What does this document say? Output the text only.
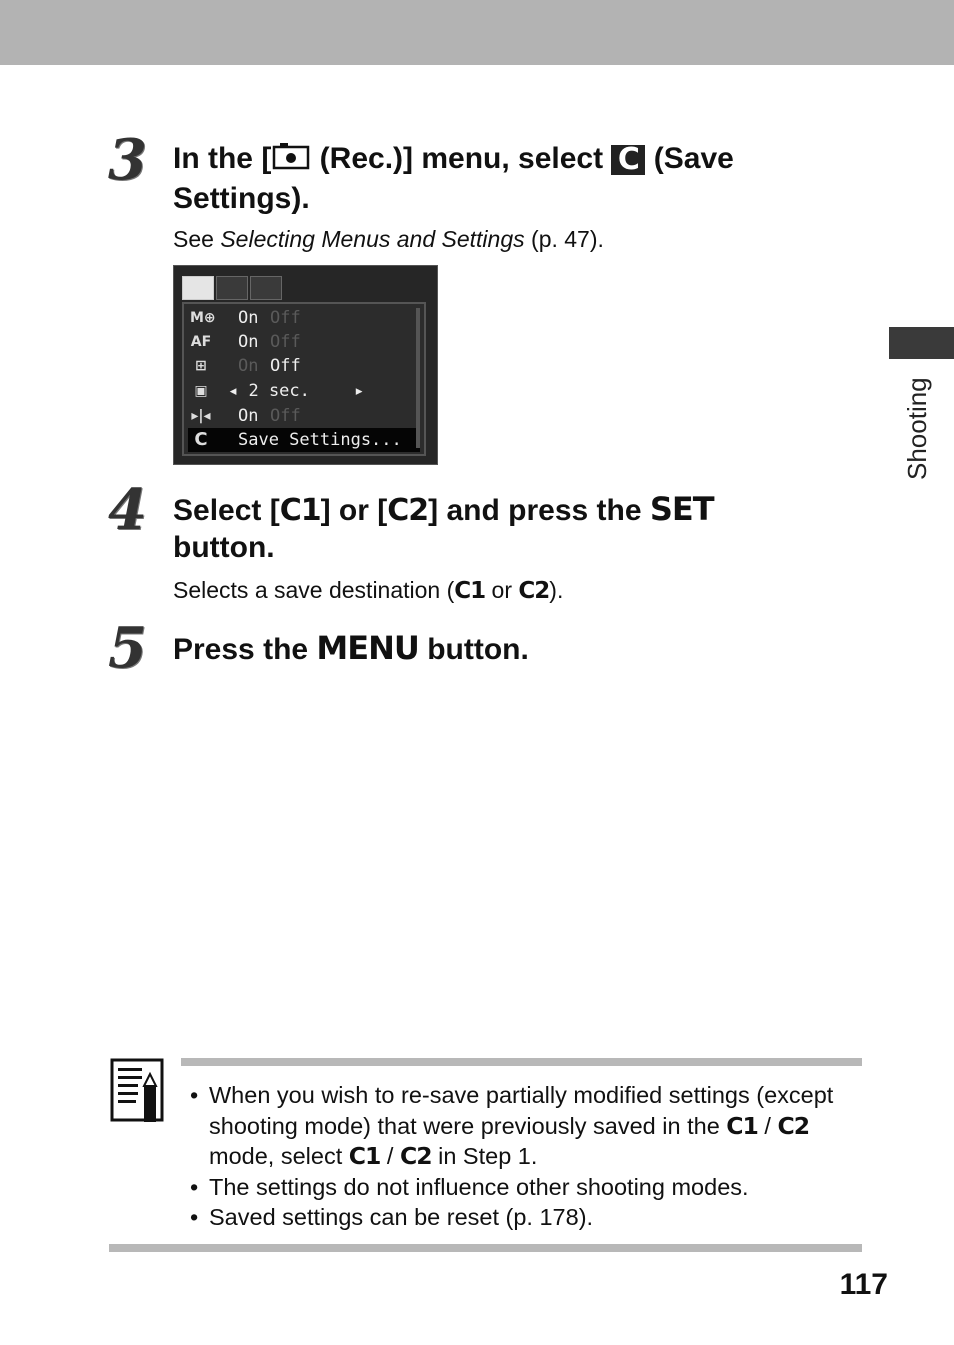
3 In the [ (Rec.)] menu, select C (Save
Settings).
See Selecting Menus and Settings (p. 47).
M⊕ On Off
AF On Off
⊞	On Off
▣ ◂ 2 sec.	▸
▸|◂ On Off
C Save Settings...
4 Select [C1] or [C2] and press the SET
button.
Selects a save destination (C1 or C2).
5 Press the MENU button.
Shooting
• When you wish to re-save partially modified settings (except shooting mode) that were previously saved in the C1 / C2 mode, select C1 / C2 in Step 1.
• The settings do not influence other shooting modes.
• Saved settings can be reset (p. 178).
117
